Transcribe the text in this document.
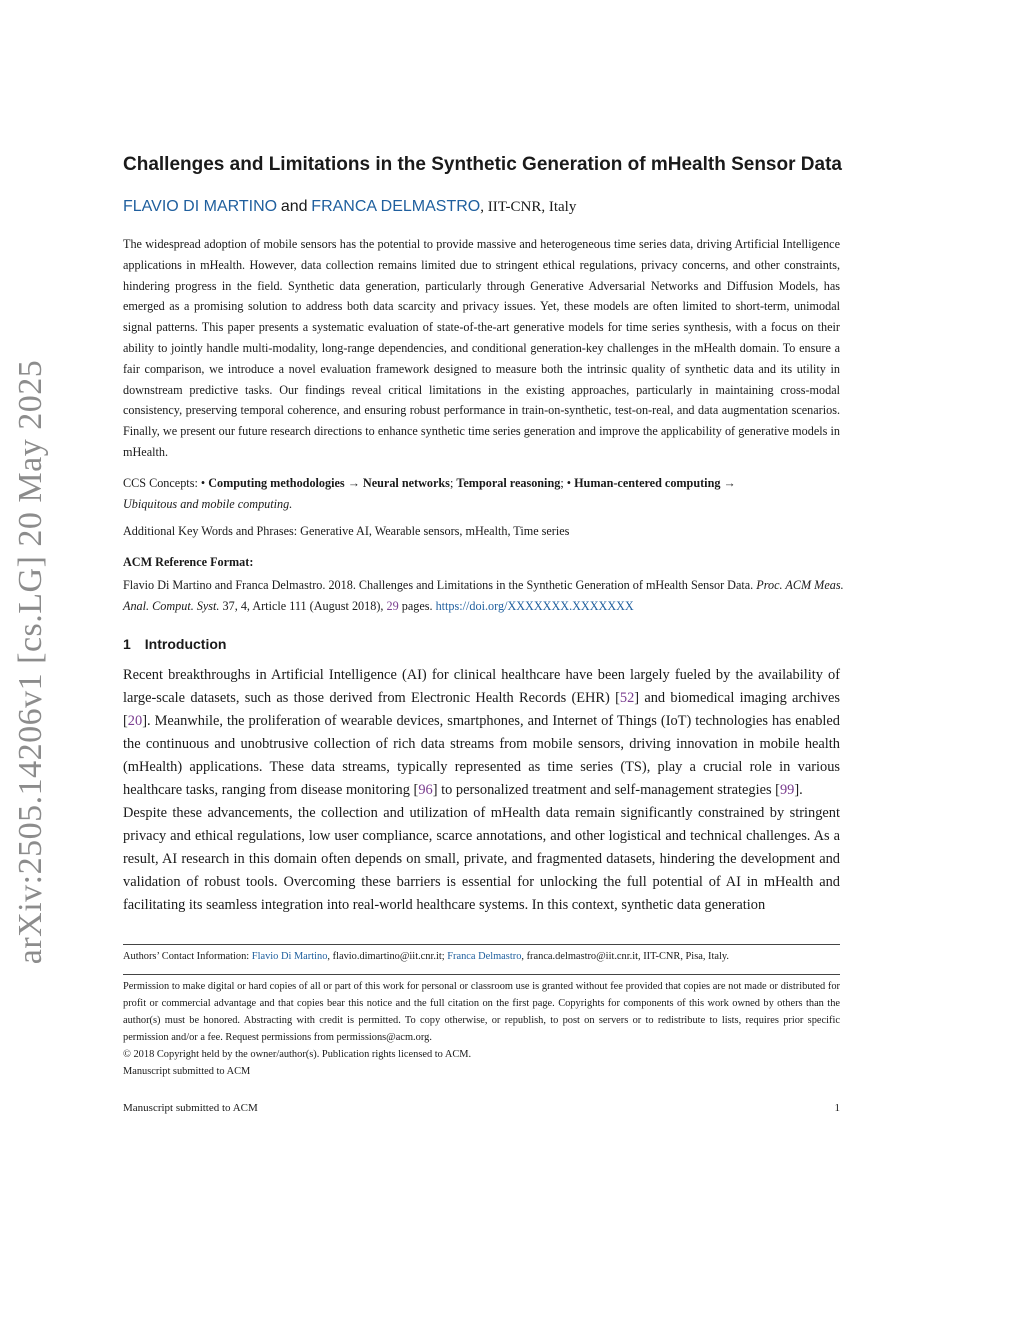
arXiv:2505.14206v1 [cs.LG] 20 May 2025
Challenges and Limitations in the Synthetic Generation of mHealth Sensor Data
FLAVIO DI MARTINO and FRANCA DELMASTRO, IIT-CNR, Italy
The widespread adoption of mobile sensors has the potential to provide massive and heterogeneous time series data, driving Artificial Intelligence applications in mHealth. However, data collection remains limited due to stringent ethical regulations, privacy concerns, and other constraints, hindering progress in the field. Synthetic data generation, particularly through Generative Adversarial Networks and Diffusion Models, has emerged as a promising solution to address both data scarcity and privacy issues. Yet, these models are often limited to short-term, unimodal signal patterns. This paper presents a systematic evaluation of state-of-the-art generative models for time series synthesis, with a focus on their ability to jointly handle multi-modality, long-range dependencies, and conditional generation-key challenges in the mHealth domain. To ensure a fair comparison, we introduce a novel evaluation framework designed to measure both the intrinsic quality of synthetic data and its utility in downstream predictive tasks. Our findings reveal critical limitations in the existing approaches, particularly in maintaining cross-modal consistency, preserving temporal coherence, and ensuring robust performance in train-on-synthetic, test-on-real, and data augmentation scenarios. Finally, we present our future research directions to enhance synthetic time series generation and improve the applicability of generative models in mHealth.
CCS Concepts: • Computing methodologies → Neural networks; Temporal reasoning; • Human-centered computing →
Ubiquitous and mobile computing.
Additional Key Words and Phrases: Generative AI, Wearable sensors, mHealth, Time series
ACM Reference Format:
Flavio Di Martino and Franca Delmastro. 2018. Challenges and Limitations in the Synthetic Generation of mHealth Sensor Data. Proc. ACM Meas. Anal. Comput. Syst. 37, 4, Article 111 (August 2018), 29 pages. https://doi.org/XXXXXXX.XXXXXXX
1 Introduction

Recent breakthroughs in Artificial Intelligence (AI) for clinical healthcare have been largely fueled by the availability of large-scale datasets, such as those derived from Electronic Health Records (EHR) [52] and biomedical imaging archives [20]. Meanwhile, the proliferation of wearable devices, smartphones, and Internet of Things (IoT) technologies has enabled the continuous and unobtrusive collection of rich data streams from mobile sensors, driving innovation in mobile health (mHealth) applications. These data streams, typically represented as time series (TS), play a crucial role in various healthcare tasks, ranging from disease monitoring [96] to personalized treatment and self-management strategies [99].

Despite these advancements, the collection and utilization of mHealth data remain significantly constrained by stringent privacy and ethical regulations, low user compliance, scarce annotations, and other logistical and technical challenges. As a result, AI research in this domain often depends on small, private, and fragmented datasets, hindering the development and validation of robust tools. Overcoming these barriers is essential for unlocking the full potential of AI in mHealth and facilitating its seamless integration into real-world healthcare systems. In this context, synthetic data generation

Authors’ Contact Information: Flavio Di Martino, flavio.dimartino@iit.cnr.it; Franca Delmastro, franca.delmastro@iit.cnr.it, IIT-CNR, Pisa, Italy.
Permission to make digital or hard copies of all or part of this work for personal or classroom use is granted without fee provided that copies are not made or distributed for profit or commercial advantage and that copies bear this notice and the full citation on the first page. Copyrights for components of this work owned by others than the author(s) must be honored. Abstracting with credit is permitted. To copy otherwise, or republish, to post on servers or to redistribute to lists, requires prior specific permission and/or a fee. Request permissions from permissions@acm.org.
© 2018 Copyright held by the owner/author(s). Publication rights licensed to ACM.
Manuscript submitted to ACM
Manuscript submitted to ACM	1
